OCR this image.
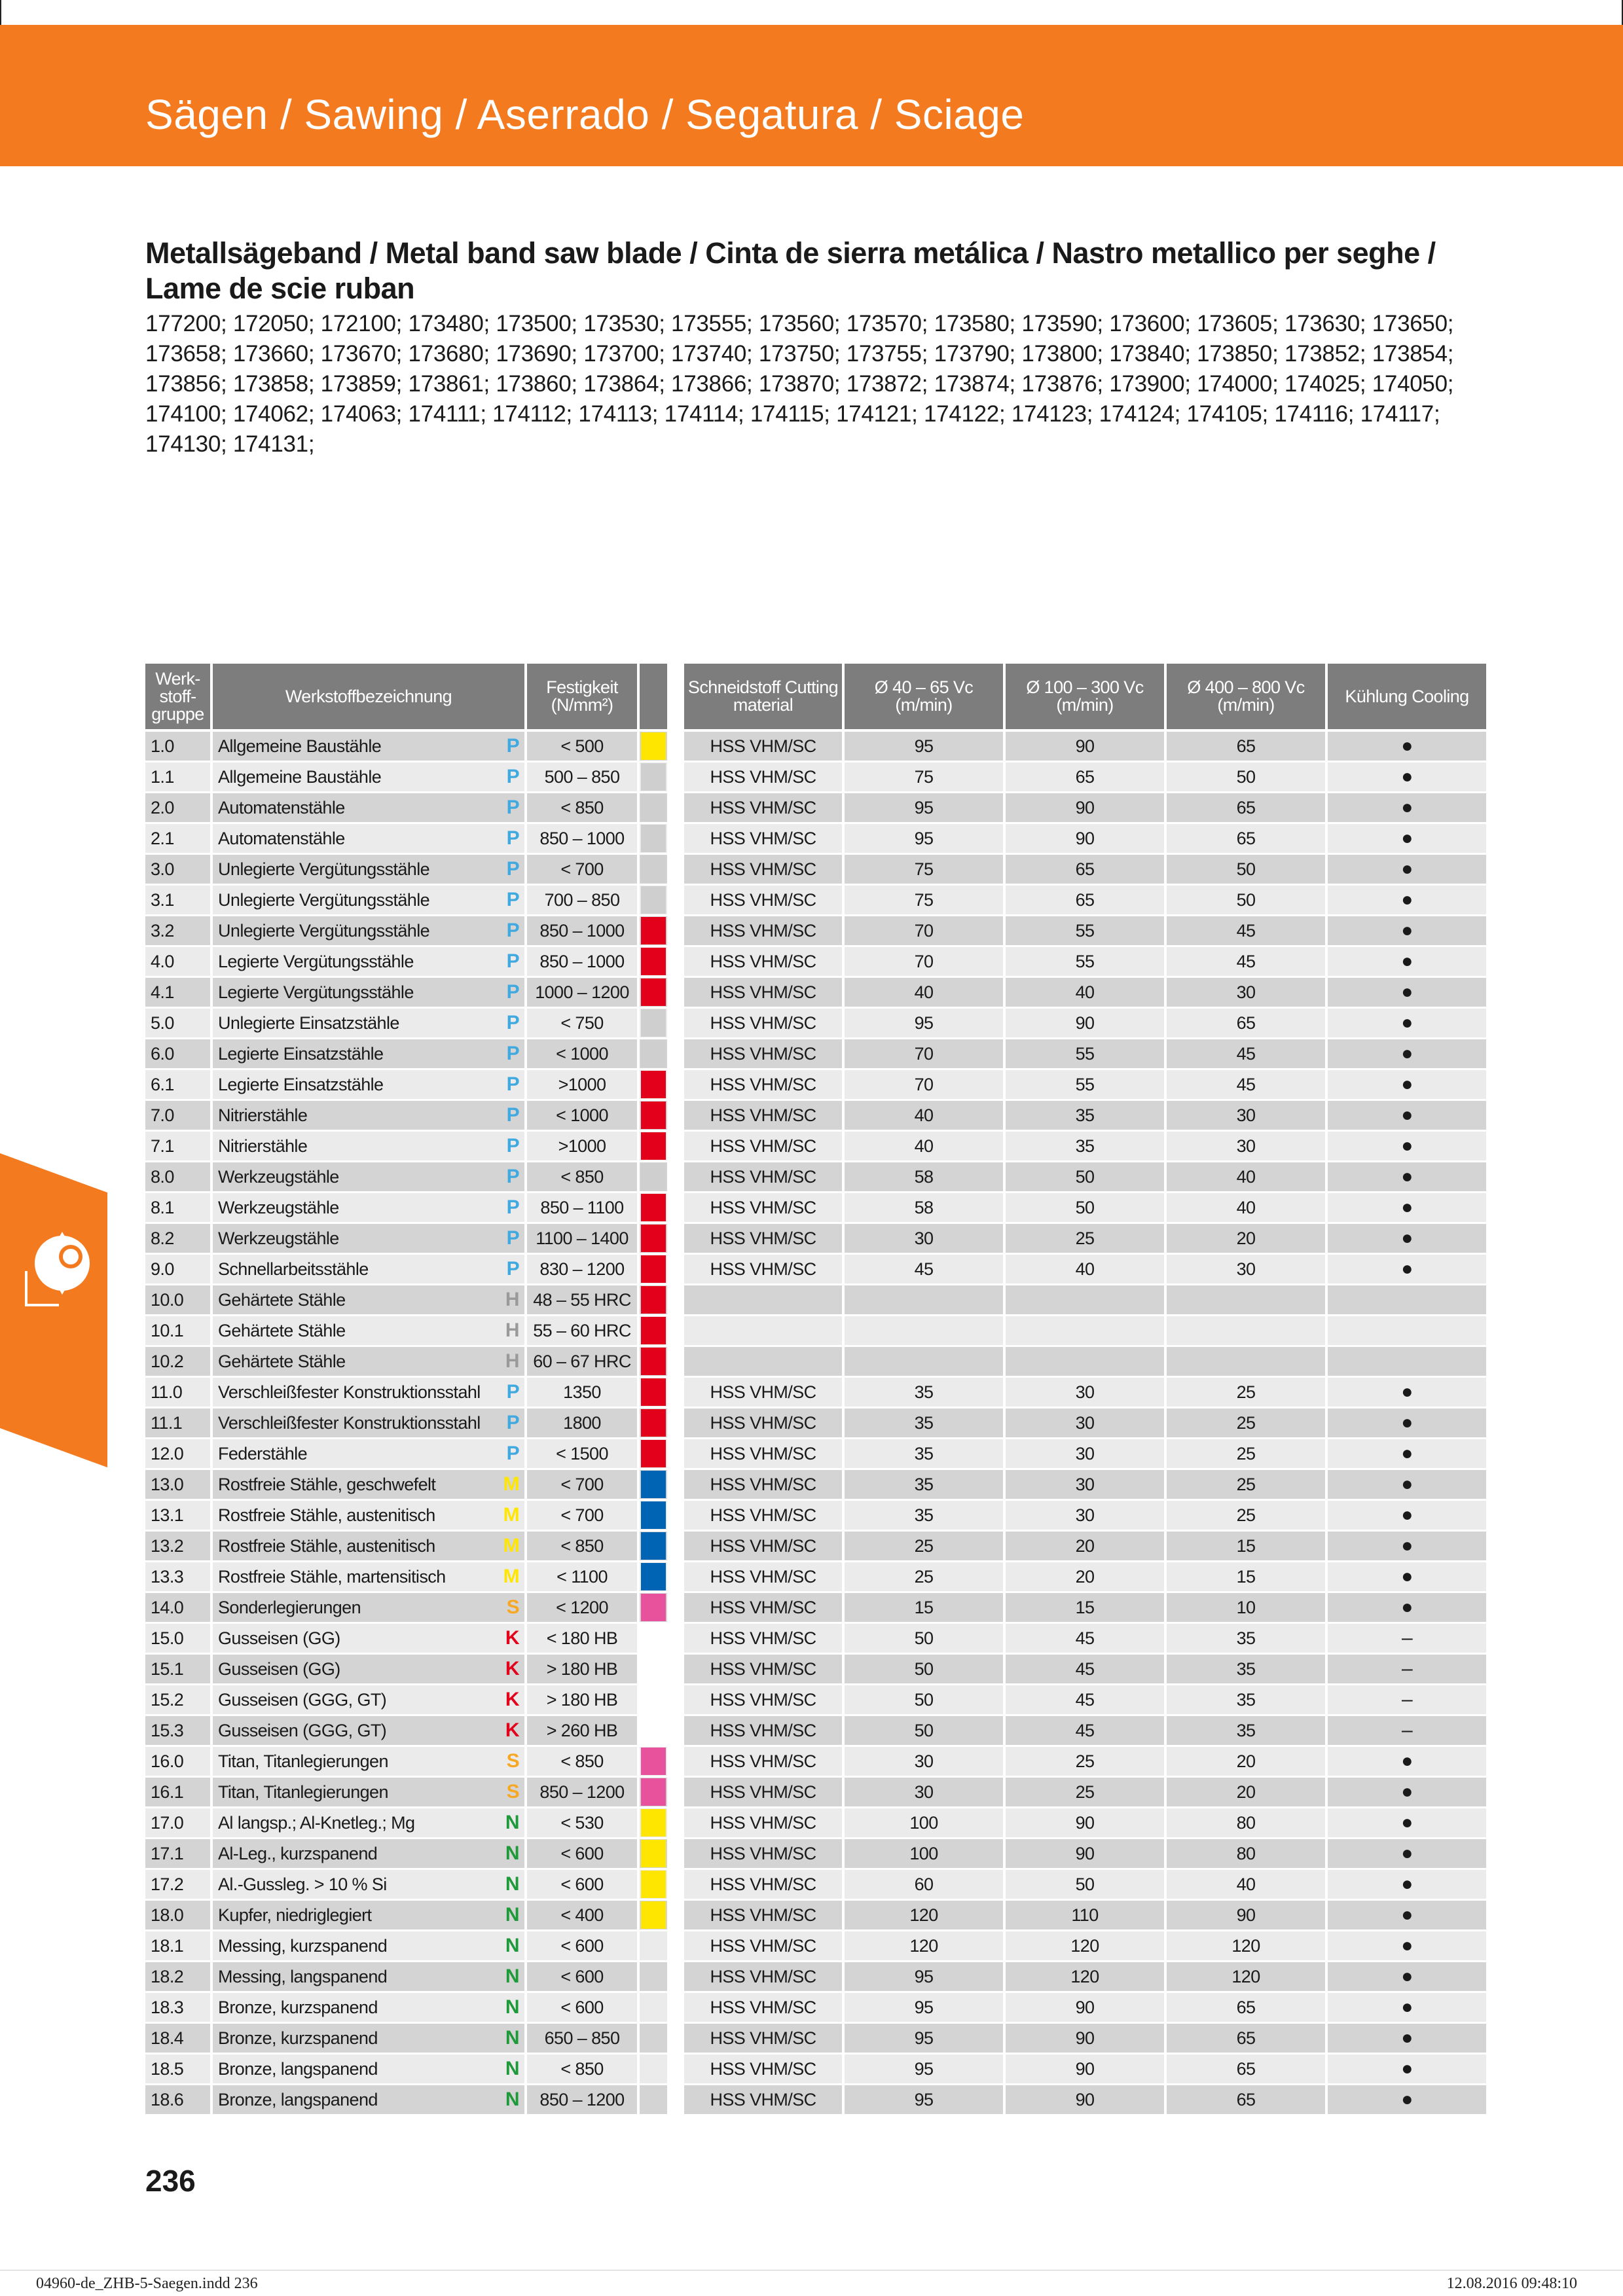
Sägen / Sawing / Aserrado / Segatura / Sciage
Metallsägeband / Metal band saw blade / Cinta de sierra metálica / Nastro metallico per seghe / Lame de scie ruban
177200; 172050; 172100; 173480; 173500; 173530; 173555; 173560; 173570; 173580; 173590; 173600; 173605; 173630; 173650; 173658; 173660; 173670; 173680; 173690; 173700; 173740; 173750; 173755; 173790; 173800; 173840; 173850; 173852; 173854; 173856; 173858; 173859; 173861; 173860; 173864; 173866; 173870; 173872; 173874; 173876; 173900; 174000; 174025; 174050; 174100; 174062; 174063; 174111; 174112; 174113; 174114; 174115; 174121; 174122; 174123; 174124; 174105; 174116; 174117; 174130; 174131;
Werk-stoff-gruppe	Werkstoffbezeichnung	Festigkeit (N/mm²)			Schneidstoff Cutting material	Ø 40 – 65 Vc (m/min)	Ø 100 – 300 Vc (m/min)	Ø 400 – 800 Vc (m/min)	Kühlung Cooling
1.0	Allgemeine Baustähle P	< 500			HSS VHM/SC	95	90	65	●
1.1	Allgemeine Baustähle P	500 – 850			HSS VHM/SC	75	65	50	●
2.0	Automatenstähle P	< 850			HSS VHM/SC	95	90	65	●
2.1	Automatenstähle P	850 – 1000			HSS VHM/SC	95	90	65	●
3.0	Unlegierte Vergütungsstähle P	< 700			HSS VHM/SC	75	65	50	●
3.1	Unlegierte Vergütungsstähle P	700 – 850			HSS VHM/SC	75	65	50	●
3.2	Unlegierte Vergütungsstähle P	850 – 1000			HSS VHM/SC	70	55	45	●
4.0	Legierte Vergütungsstähle P	850 – 1000			HSS VHM/SC	70	55	45	●
4.1	Legierte Vergütungsstähle P	1000 – 1200			HSS VHM/SC	40	40	30	●
5.0	Unlegierte Einsatzstähle P	< 750			HSS VHM/SC	95	90	65	●
6.0	Legierte Einsatzstähle P	< 1000			HSS VHM/SC	70	55	45	●
6.1	Legierte Einsatzstähle P	>1000			HSS VHM/SC	70	55	45	●
7.0	Nitrierstähle P	< 1000			HSS VHM/SC	40	35	30	●
7.1	Nitrierstähle P	>1000			HSS VHM/SC	40	35	30	●
8.0	Werkzeugstähle P	< 850			HSS VHM/SC	58	50	40	●
8.1	Werkzeugstähle P	850 – 1100			HSS VHM/SC	58	50	40	●
8.2	Werkzeugstähle P	1100 – 1400			HSS VHM/SC	30	25	20	●
9.0	Schnellarbeitsstähle P	830 – 1200			HSS VHM/SC	45	40	30	●
10.0	Gehärtete Stähle H	48 – 55 HRC	

10.1	Gehärtete Stähle H	55 – 60 HRC	

10.2	Gehärtete Stähle H	60 – 67 HRC	

11.0	Verschleißfester Konstruktionsstahl P	1350			HSS VHM/SC	35	30	25	●
11.1	Verschleißfester Konstruktionsstahl P	1800			HSS VHM/SC	35	30	25	●
12.0	Federstähle P	< 1500			HSS VHM/SC	35	30	25	●
13.0	Rostfreie Stähle, geschwefelt M	< 700			HSS VHM/SC	35	30	25	●
13.1	Rostfreie Stähle, austenitisch M	< 700			HSS VHM/SC	35	30	25	●
13.2	Rostfreie Stähle, austenitisch M	< 850			HSS VHM/SC	25	20	15	●
13.3	Rostfreie Stähle, martensitisch M	< 1100			HSS VHM/SC	25	20	15	●
14.0	Sonderlegierungen S	< 1200			HSS VHM/SC	15	15	10	●
15.0	Gusseisen (GG) K	< 180 HB			HSS VHM/SC	50	45	35	–
15.1	Gusseisen (GG) K	> 180 HB			HSS VHM/SC	50	45	35	–
15.2	Gusseisen (GGG, GT) K	> 180 HB			HSS VHM/SC	50	45	35	–
15.3	Gusseisen (GGG, GT) K	> 260 HB			HSS VHM/SC	50	45	35	–
16.0	Titan, Titanlegierungen S	< 850			HSS VHM/SC	30	25	20	●
16.1	Titan, Titanlegierungen S	850 – 1200			HSS VHM/SC	30	25	20	●
17.0	Al langsp.; Al-Knetleg.; Mg N	< 530			HSS VHM/SC	100	90	80	●
17.1	Al-Leg., kurzspanend N	< 600			HSS VHM/SC	100	90	80	●
17.2	Al.-Gussleg. > 10 % Si N	< 600			HSS VHM/SC	60	50	40	●
18.0	Kupfer, niedriglegiert N	< 400			HSS VHM/SC	120	110	90	●
18.1	Messing, kurzspanend N	< 600			HSS VHM/SC	120	120	120	●
18.2	Messing, langspanend N	< 600			HSS VHM/SC	95	120	120	●
18.3	Bronze, kurzspanend N	< 600			HSS VHM/SC	95	90	65	●
18.4	Bronze, kurzspanend N	650 – 850			HSS VHM/SC	95	90	65	●
18.5	Bronze, langspanend N	< 850			HSS VHM/SC	95	90	65	●
18.6	Bronze, langspanend N	850 – 1200			HSS VHM/SC	95	90	65	●
236
04960-de_ZHB-5-Saegen.indd 236	12.08.2016 09:48:10
